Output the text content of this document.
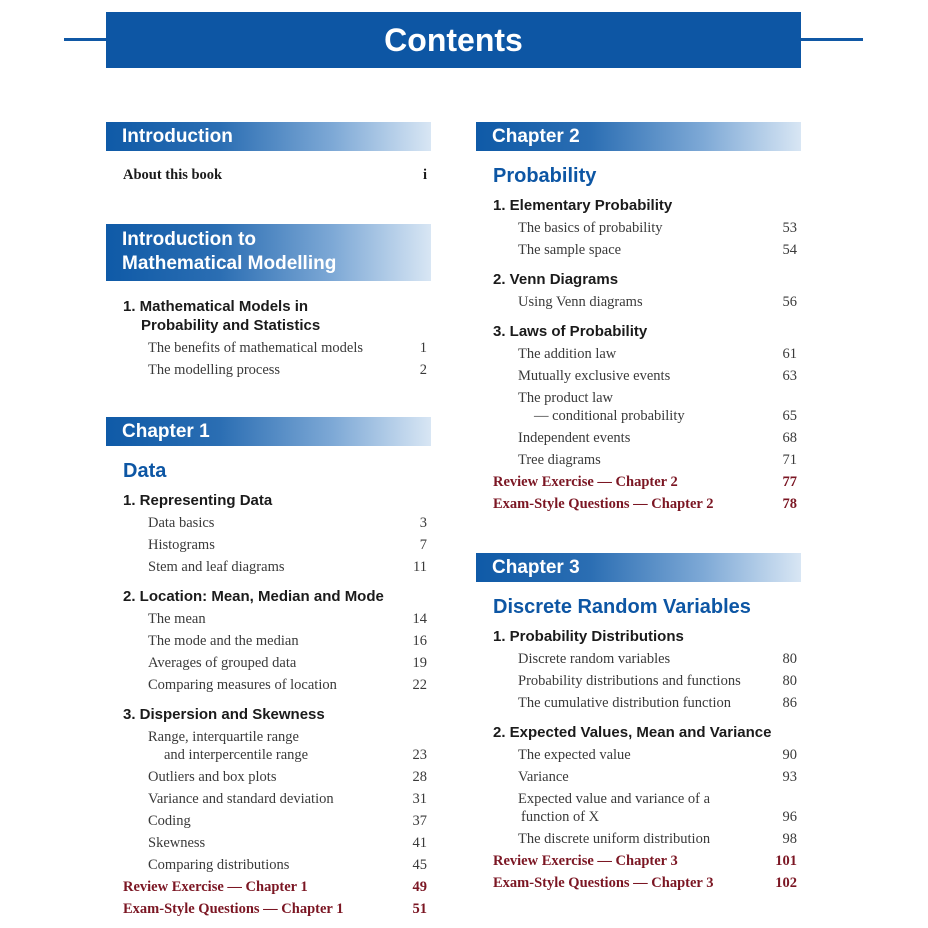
Contents
Introduction
About this book	i
Introduction to
Mathematical Modelling
1. Mathematical Models in
Probability and Statistics
The benefits of mathematical models	1
The modelling process	2
Chapter 1
Data
1. Representing Data
Data basics	3
Histograms	7
Stem and leaf diagrams	11
2. Location: Mean, Median and Mode
The mean	14
The mode and the median	16
Averages of grouped data	19
Comparing measures of location	22
3. Dispersion and Skewness
Range, interquartile range
and interpercentile range	23
Outliers and box plots	28
Variance and standard deviation	31
Coding	37
Skewness	41
Comparing distributions	45
Review Exercise — Chapter 1	49
Exam-Style Questions — Chapter 1	51
Chapter 2
Probability
1. Elementary Probability
The basics of probability	53
The sample space	54
2. Venn Diagrams
Using Venn diagrams	56
3. Laws of Probability
The addition law	61
Mutually exclusive events	63
The product law
— conditional probability	65
Independent events	68
Tree diagrams	71
Review Exercise — Chapter 2	77
Exam-Style Questions — Chapter 2	78
Chapter 3
Discrete Random Variables
1. Probability Distributions
Discrete random variables	80
Probability distributions and functions	80
The cumulative distribution function	86
2. Expected Values, Mean and Variance
The expected value	90
Variance	93
Expected value and variance of a
function of X	96
The discrete uniform distribution	98
Review Exercise — Chapter 3	101
Exam-Style Questions — Chapter 3	102
